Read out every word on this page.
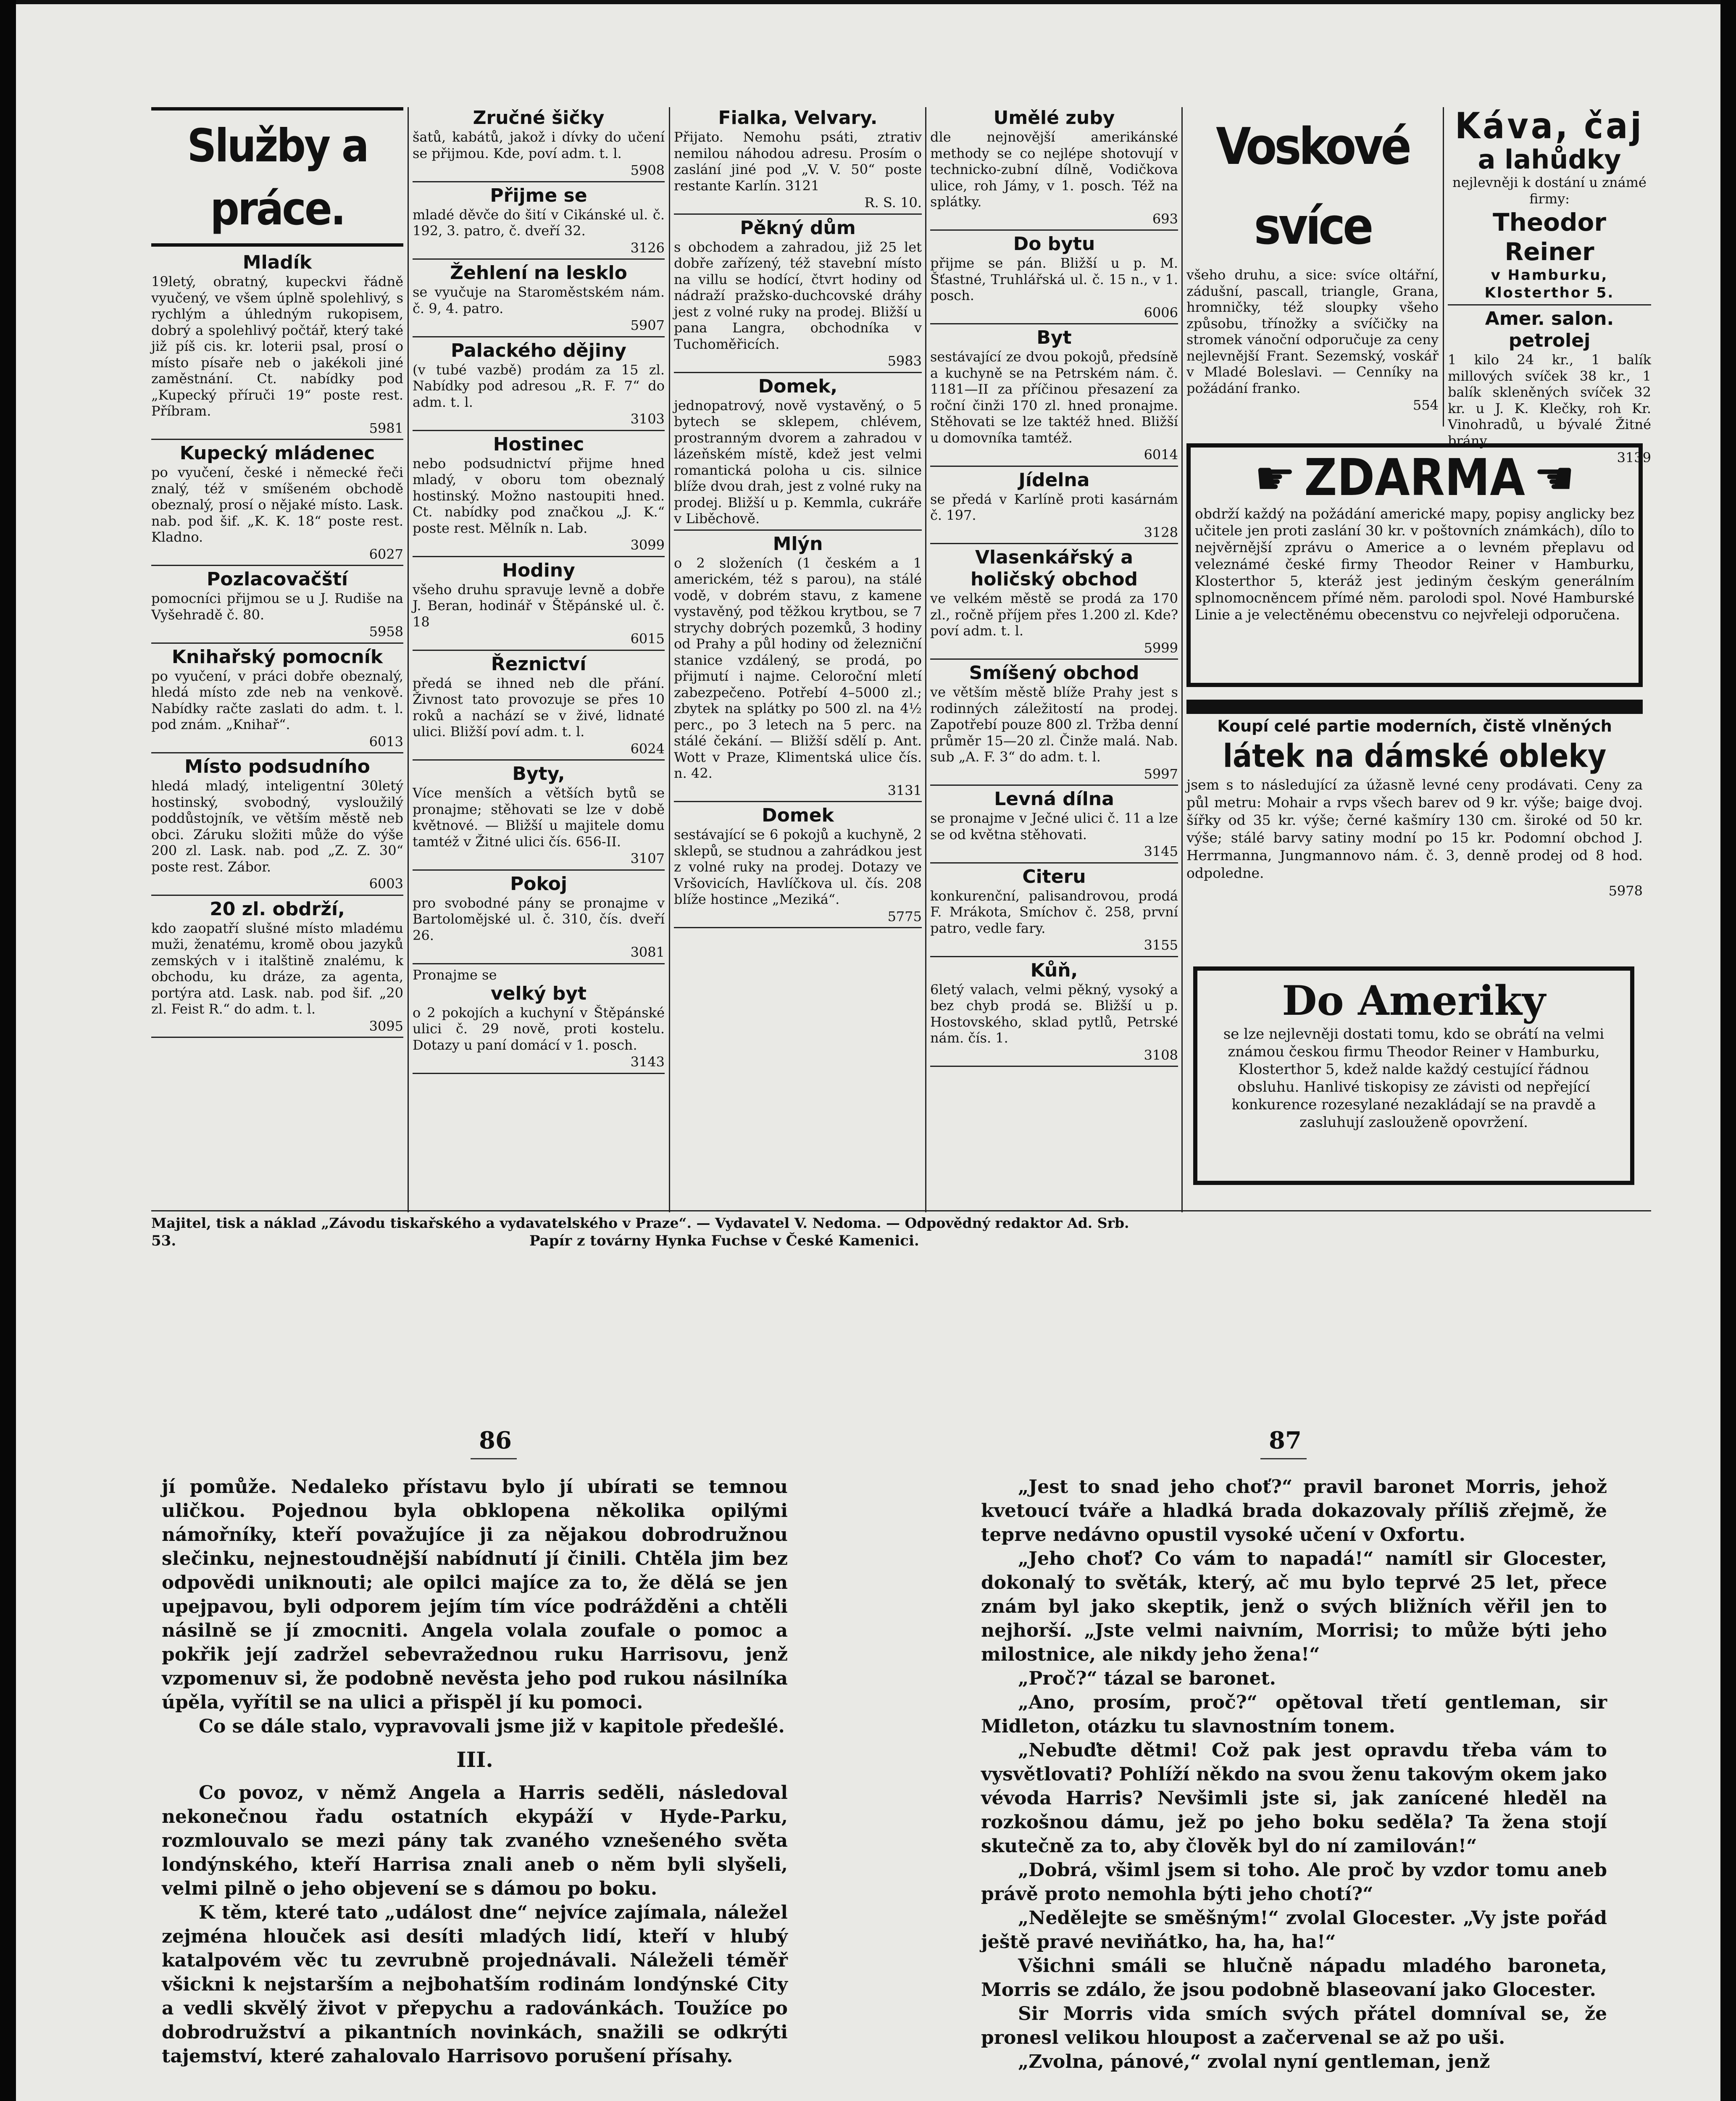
Služby a práce.
Mladík

19letý, obratný, kupeckvi řádně vyučený, ve všem úplně spolehlivý, s rychlým a úhledným rukopisem, dobrý a spolehlivý počtář, který také již píš cis. kr. loterii psal, prosí o místo písaře neb o jakékoli jiné zaměstnání. Ct. nabídky pod „Kupecký příruči 19“ poste rest. Příbram.

5981

Kupecký mládenec

po vyučení, české i německé řeči znalý, též v smíšeném obchodě obeznalý, prosí o nějaké místo. Lask. nab. pod šif. „K. K. 18“ poste rest. Kladno.

6027

Pozlacovačští

pomocníci přijmou se u J. Rudiše na Vyšehradě č. 80.

5958

Knihařský pomocník

po vyučení, v práci dobře obeznalý, hledá místo zde neb na venkově. Nabídky račte zaslati do adm. t. l. pod znám. „Knihař“.

6013

Místo podsudního

hledá mladý, inteligentní 30letý hostinský, svobodný, vysloužilý poddůstojník, ve větším městě neb obci. Záruku složiti může do výše 200 zl. Lask. nab. pod „Z. Z. 30“ poste rest. Zábor.

6003

20 zl. obdrží,

kdo zaopatří slušné místo mladému muži, ženatému, kromě obou jazyků zemských v i italštině znalému, k obchodu, ku dráze, za agenta, portýra atd. Lask. nab. pod šif. „20 zl. Feist R.“ do adm. t. l.

3095

Zručné šičky

šatů, kabátů, jakož i dívky do učení se přijmou. Kde, poví adm. t. l.

5908

Přijme se

mladé děvče do šití v Cikánské ul. č. 192, 3. patro, č. dveří 32.

3126

Žehlení na lesklo

se vyučuje na Staroměstském nám. č. 9, 4. patro.

5907

Palackého dějiny

(v tubé vazbě) prodám za 15 zl. Nabídky pod adresou „R. F. 7“ do adm. t. l.

3103

Hostinec

nebo podsudnictví přijme hned mladý, v oboru tom obeznalý hostinský. Možno nastoupiti hned. Ct. nabídky pod značkou „J. K.“ poste rest. Mělník n. Lab.

3099

Hodiny

všeho druhu spravuje levně a dobře J. Beran, hodinář v Štěpánské ul. č. 18

6015

Řeznictví

předá se ihned neb dle přání. Živnost tato provozuje se přes 10 roků a nachází se v živé, lidnaté ulici. Bližší poví adm. t. l.

6024

Byty,

Více menších a větších bytů se pronajme; stěhovati se lze v době květnové. — Bližší u majitele domu tamtéž v Žitné ulici čís. 656-II.

3107

Pokoj

pro svobodné pány se pronajme v Bartolomějské ul. č. 310, čís. dveří 26.

3081

Pronajme se
velký byt

o 2 pokojích a kuchyní v Štěpánské ulici č. 29 nově, proti kostelu. Dotazy u paní domácí v 1. posch.

3143

Fialka, Velvary.

Přijato. Nemohu psáti, ztrativ nemilou náhodou adresu. Prosím o zaslání jiné pod „V. V. 50“ poste restante Karlín. 3121

R. S. 10.

Pěkný dům

s obchodem a zahradou, již 25 let dobře zařízený, též stavební místo na villu se hodící, čtvrt hodiny od nádraží pražsko-duchcovské dráhy jest z volné ruky na prodej. Bližší u pana Langra, obchodníka v Tuchoměřicích.

5983

Domek,

jednopatrový, nově vystavěný, o 5 bytech se sklepem, chlévem, prostranným dvorem a zahradou v lázeňském místě, kdež jest velmi romantická poloha u cis. silnice blíže dvou drah, jest z volné ruky na prodej. Bližší u p. Kemmla, cukráře v Liběchově.

Mlýn

o 2 složeních (1 českém a 1 americkém, též s parou), na stálé vodě, v dobrém stavu, z kamene vystavěný, pod těžkou krytbou, se 7 strychy dobrých pozemků, 3 hodiny od Prahy a půl hodiny od železniční stanice vzdálený, se prodá, po přijmutí i najme. Celoroční mletí zabezpečeno. Potřebí 4–5000 zl.; zbytek na splátky po 500 zl. na 4½ perc., po 3 letech na 5 perc. na stálé čekání. — Bližší sdělí p. Ant. Wott v Praze, Klimentská ulice čís. n. 42.

3131

Domek

sestávající se 6 pokojů a kuchyně, 2 sklepů, se studnou a zahrádkou jest z volné ruky na prodej. Dotazy ve Vršovicích, Havlíčkova ul. čís. 208 blíže hostince „Meziká“.

5775

Umělé zuby

dle nejnovější amerikánské methody se co nejlépe shotovují v technicko-zubní dílně, Vodičkova ulice, roh Jámy, v 1. posch. Též na splátky.

693

Do bytu

přijme se pán. Bližší u p. M. Šťastné, Truhlářská ul. č. 15 n., v 1. posch.

6006

Byt

sestávající ze dvou pokojů, předsíně a kuchyně se na Petrském nám. č. 1181—II za příčinou přesazení za roční činži 170 zl. hned pronajme. Stěhovati se lze taktéž hned. Bližší u domovníka tamtéž.

6014

Jídelna

se předá v Karlíně proti kasárnám č. 197.

3128

Vlasenkářský a holičský obchod

ve velkém městě se prodá za 170 zl., ročně příjem přes 1.200 zl. Kde? poví adm. t. l.

5999

Smíšený obchod

ve větším městě blíže Prahy jest s rodinných záležitostí na prodej. Zapotřebí pouze 800 zl. Tržba denní průměr 15—20 zl. Činže malá. Nab. sub „A. F. 3“ do adm. t. l.

5997

Levná dílna

se pronajme v Ječné ulici č. 11 a lze se od května stěhovati.

3145

Citeru

konkurenční, palisandrovou, prodá F. Mrákota, Smíchov č. 258, první patro, vedle fary.

3155

Kůň,

6letý valach, velmi pěkný, vysoký a bez chyb prodá se. Bližší u p. Hostovského, sklad pytlů, Petrské nám. čís. 1.

3108

Voskové svíce

všeho druhu, a sice: svíce oltářní, zádušní, pascall, triangle, Grana, hromničky, též sloupky všeho způsobu, třínožky a svíčičky na stromek vánoční odporučuje za ceny nejlevnější Frant. Sezemský, voskář v Mladé Boleslavi. — Cenníky na požádání franko.

554

Káva, čaj
a lahůdky

nejlevněji k dostání u známé firmy:

Theodor Reiner
v Hamburku, Klosterthor 5.
Amer. salon. petrolej

1 kilo 24 kr., 1 balík millových svíček 38 kr., 1 balík skleněných svíček 32 kr. u J. K. Klečky, roh Kr. Vinohradů, u bývalé Žitné brány.

3139

☛ ZDARMA ☛

obdrží každý na požádání americké mapy, popisy anglicky bez učitele jen proti zaslání 30 kr. v poštovních známkách), dílo to nejvěrnější zprávu o Americe a o levném přeplavu od veleznámé české firmy Theodor Reiner v Hamburku, Klosterthor 5, kteráž jest jediným českým generálním splnomocněncem přímé něm. parolodi spol. Nové Hamburské Linie a je velectěnému obecenstvu co nejvřeleji odporučena.

Koupí celé partie moderních, čistě vlněných
látek na dámské obleky

jsem s to následující za úžasně levné ceny prodávati. Ceny za půl metru: Mohair a rvps všech barev od 9 kr. výše; baige dvoj. šířky od 35 kr. výše; černé kašmíry 130 cm. široké od 50 kr. výše; stálé barvy satiny modní po 15 kr. Podomní obchod J. Herrmanna, Jungmannovo nám. č. 3, denně prodej od 8 hod. odpoledne.

5978

Do Ameriky

se lze nejlevněji dostati tomu, kdo se obrátí na velmi známou českou firmu Theodor Reiner v Hamburku, Klosterthor 5, kdež nalde každý cestující řádnou obsluhu. Hanlivé tiskopisy ze závisti od nepřející konkurence rozesylané nezakládají se na pravdě a zasluhují zaslouženě opovržení.

Majitel, tisk a náklad „Závodu tiskařského a vydavatelského v Praze“. — Vydavatel V. Nedoma. — Odpovědný redaktor Ad. Srb.
53.	Papír z továrny Hynka Fuchse v České Kamenici.
86	87

jí pomůže. Nedaleko přístavu bylo jí ubírati se temnou uličkou. Pojednou byla obklopena několika opilými námořníky, kteří považujíce ji za nějakou dobrodružnou slečinku, nejnestoudnější nabídnutí jí činili. Chtěla jim bez odpovědi uniknouti; ale opilci majíce za to, že dělá se jen upejpavou, byli odporem jejím tím více podrážděni a chtěli násilně se jí zmocniti. Angela volala zoufale o pomoc a pokřik její zadržel sebevražednou ruku Harrisovu, jenž vzpomenuv si, že podobně nevěsta jeho pod rukou násilníka úpěla, vyřítil se na ulici a přispěl jí ku pomoci.

Co se dále stalo, vypravovali jsme již v kapitole předešlé.

III.

Co povoz, v němž Angela a Harris seděli, následoval nekonečnou řadu ostatních ekypáží v Hyde-Parku, rozmlouvalo se mezi pány tak zvaného vznešeného světa londýnského, kteří Harrisa znali aneb o něm byli slyšeli, velmi pilně o jeho objevení se s dámou po boku.

K těm, které tato „událost dne“ nejvíce zajímala, náležel zejména hlouček asi desíti mladých lidí, kteří v hlubý katalpovém věc tu zevrubně projednávali. Náleželi téměř všickni k nejstarším a nejbohatším rodinám londýnské City a vedli skvělý život v přepychu a radovánkách. Toužíce po dobrodružství a pikantních novinkách, snažili se odkrýti tajemství, které zahalovalo Harrisovo porušení přísahy.

„Jest to snad jeho choť?“ pravil baronet Morris, jehož kvetoucí tváře a hladká brada dokazovaly příliš zřejmě, že teprve nedávno opustil vysoké učení v Oxfortu.

„Jeho choť? Co vám to napadá!“ namítl sir Glocester, dokonalý to světák, který, ač mu bylo teprvé 25 let, přece znám byl jako skeptik, jenž o svých bližních věřil jen to nejhorší. „Jste velmi naivním, Morrisi; to může býti jeho milostnice, ale nikdy jeho žena!“

„Proč?“ tázal se baronet.

„Ano, prosím, proč?“ opětoval třetí gentleman, sir Midleton, otázku tu slavnostním tonem.

„Nebuďte dětmi! Což pak jest opravdu třeba vám to vysvětlovati? Pohlíží někdo na svou ženu takovým okem jako vévoda Harris? Nevšimli jste si, jak zanícené hleděl na rozkošnou dámu, jež po jeho boku seděla? Ta žena stojí skutečně za to, aby člověk byl do ní zamilován!“

„Dobrá, všiml jsem si toho. Ale proč by vzdor tomu aneb právě proto nemohla býti jeho chotí?“

„Nedělejte se směšným!“ zvolal Glocester. „Vy jste pořád ještě pravé neviňátko, ha, ha, ha!“

Všichni smáli se hlučně nápadu mladého baroneta, Morris se zdálo, že jsou podobně blaseovaní jako Glocester.

Sir Morris vida smích svých přátel domníval se, že pronesl velikou hloupost a začervenal se až po uši.

„Zvolna, pánové,“ zvolal nyní gentleman, jenž
